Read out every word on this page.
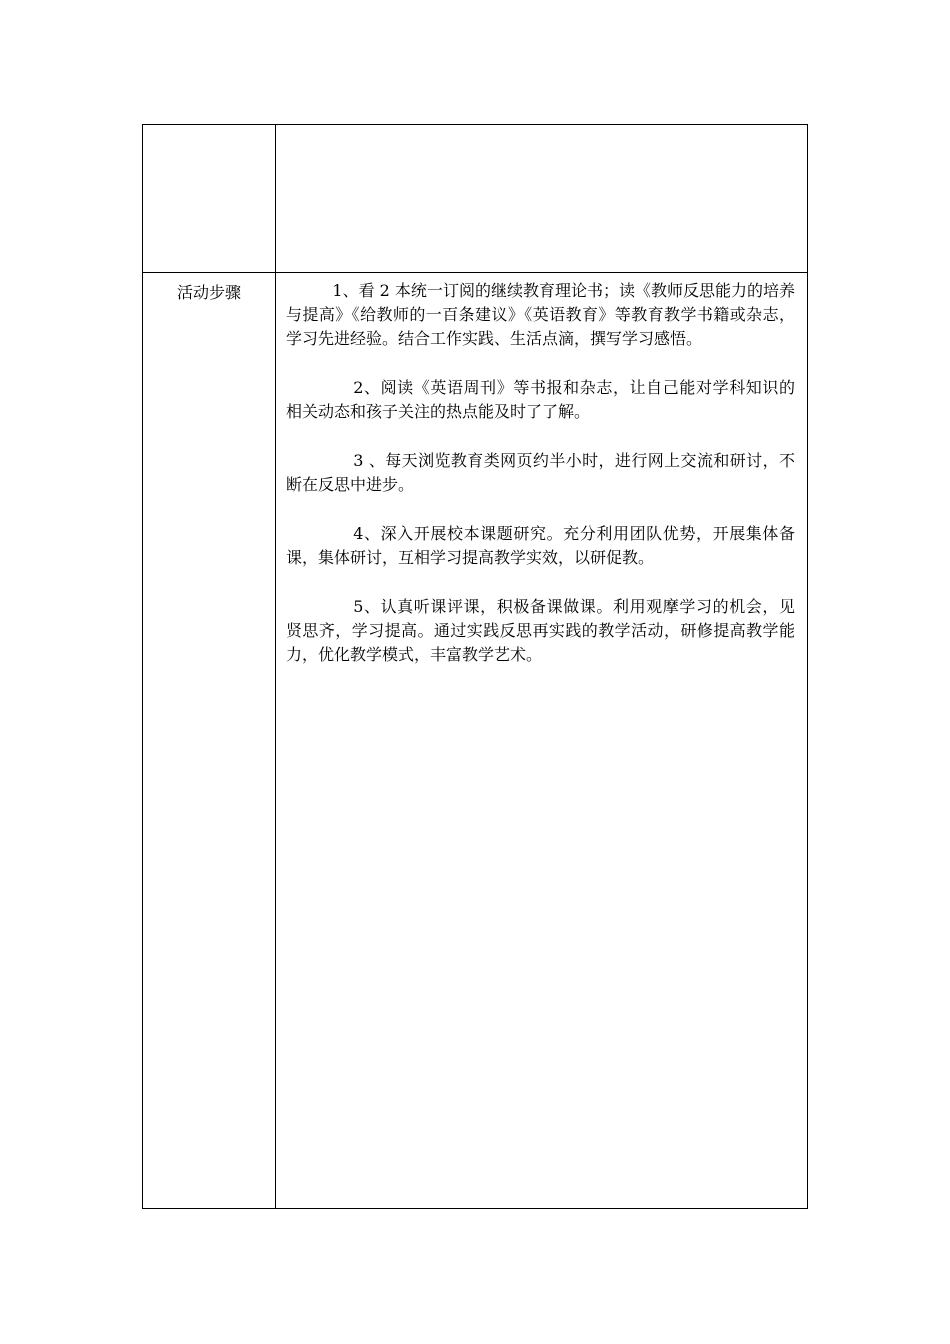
活动步骤	1、看 2 本统一订阅的继续教育理论书；读《教师反思能力的培养与提高》《给教师的一百条建议》《英语教育》等教育教学书籍或杂志，学习先进经验。结合工作实践、生活点滴，撰写学习感悟。

2、阅读《英语周刊》等书报和杂志，让自己能对学科知识的相关动态和孩子关注的热点能及时了了解。

3 、每天浏览教育类网页约半小时，进行网上交流和研讨，不断在反思中进步。

4、深入开展校本课题研究。充分利用团队优势，开展集体备课，集体研讨，互相学习提高教学实效，以研促教。

5、认真听课评课，积极备课做课。利用观摩学习的机会，见贤思齐，学习提高。通过实践反思再实践的教学活动，研修提高教学能力，优化教学模式，丰富教学艺术。
